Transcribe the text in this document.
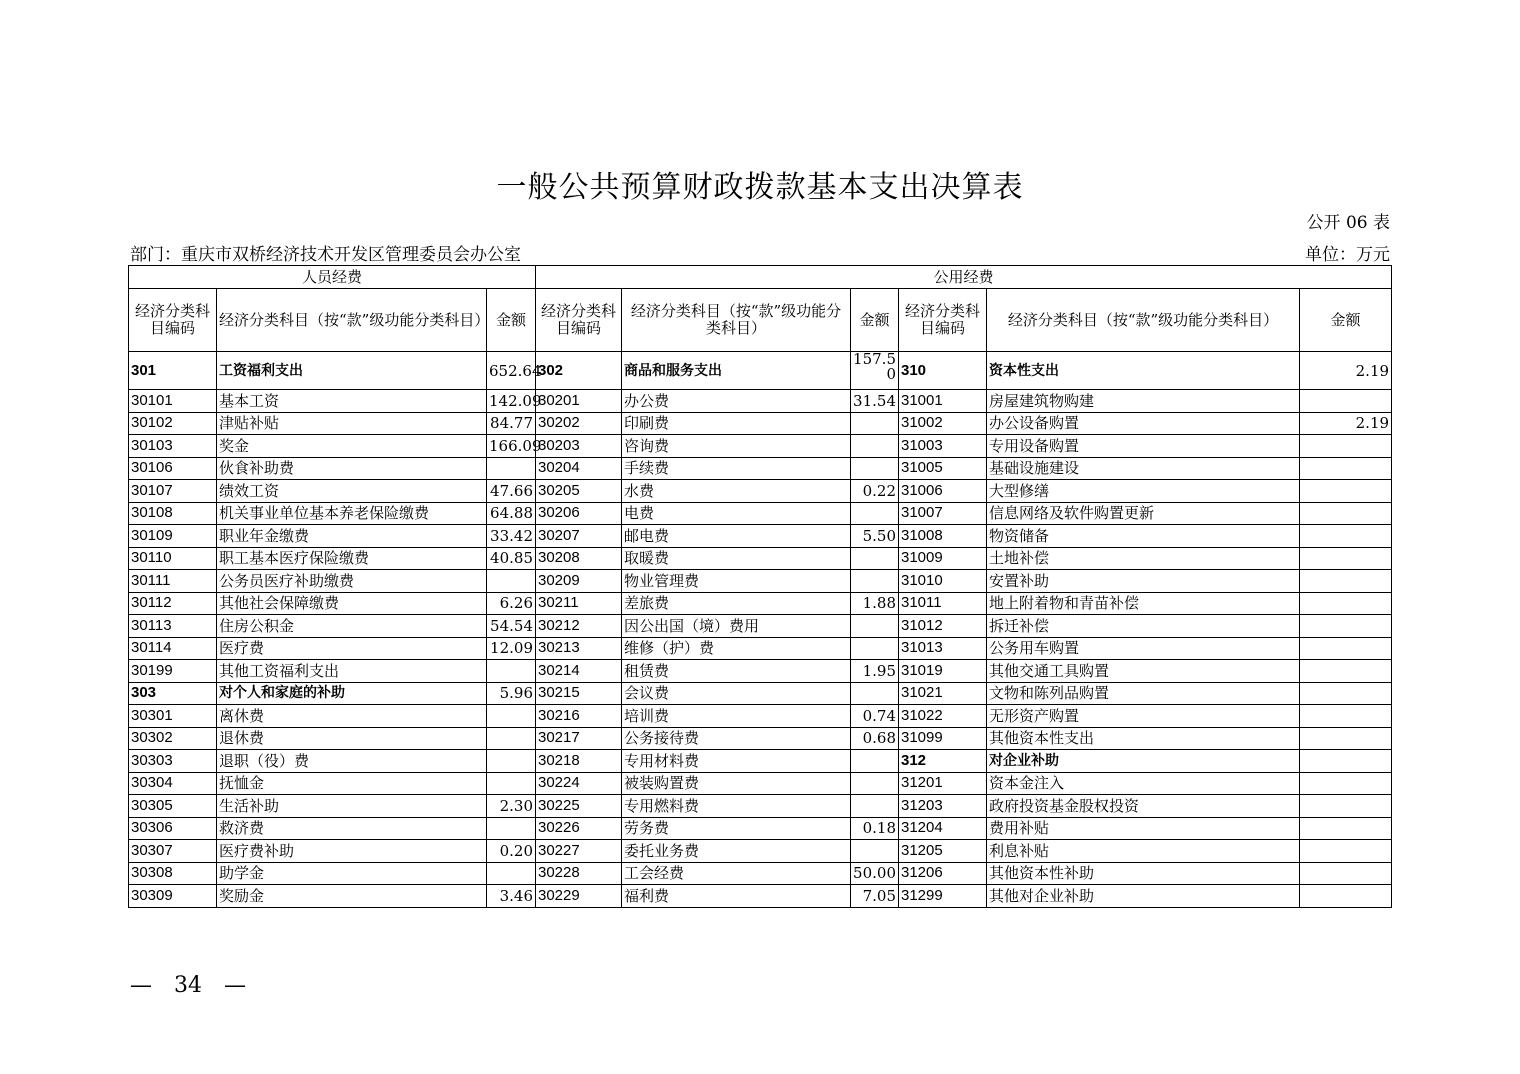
一般公共预算财政拨款基本支出决算表
公开 06 表
部门：重庆市双桥经济技术开发区管理委员会办公室	单位：万元
人员经费			公用经费					
经济分类科目编码	经济分类科目（按“款”级功能分类科目）	金额	经济分类科目编码	经济分类科目（按“款”级功能分类科目）	金额	经济分类科目编码	经济分类科目（按“款”级功能分类科目）	金额
301	工资福利支出	652.64	302	商品和服务支出	157.50	310	资本性支出	2.19
30101	基本工资	142.09	30201	办公费	31.54	31001	房屋建筑物购建	
30102	津贴补贴	84.77	30202	印刷费		31002	办公设备购置	2.19
30103	奖金	166.09	30203	咨询费		31003	专用设备购置	
30106	伙食补助费		30204	手续费		31005	基础设施建设	
30107	绩效工资	47.66	30205	水费	0.22	31006	大型修缮	
30108	机关事业单位基本养老保险缴费	64.88	30206	电费		31007	信息网络及软件购置更新	
30109	职业年金缴费	33.42	30207	邮电费	5.50	31008	物资储备	
30110	职工基本医疗保险缴费	40.85	30208	取暖费		31009	土地补偿	
30111	公务员医疗补助缴费		30209	物业管理费		31010	安置补助	
30112	其他社会保障缴费	6.26	30211	差旅费	1.88	31011	地上附着物和青苗补偿	
30113	住房公积金	54.54	30212	因公出国（境）费用		31012	拆迁补偿	
30114	医疗费	12.09	30213	维修（护）费		31013	公务用车购置	
30199	其他工资福利支出		30214	租赁费	1.95	31019	其他交通工具购置	
303	对个人和家庭的补助	5.96	30215	会议费		31021	文物和陈列品购置	
30301	离休费		30216	培训费	0.74	31022	无形资产购置	
30302	退休费		30217	公务接待费	0.68	31099	其他资本性支出	
30303	退职（役）费		30218	专用材料费		312	对企业补助	
30304	抚恤金		30224	被装购置费		31201	资本金注入	
30305	生活补助	2.30	30225	专用燃料费		31203	政府投资基金股权投资	
30306	救济费		30226	劳务费	0.18	31204	费用补贴	
30307	医疗费补助	0.20	30227	委托业务费		31205	利息补贴	
30308	助学金		30228	工会经费	50.00	31206	其他资本性补助	
30309	奖励金	3.46	30229	福利费	7.05	31299	其他对企业补助	
—　34　—
